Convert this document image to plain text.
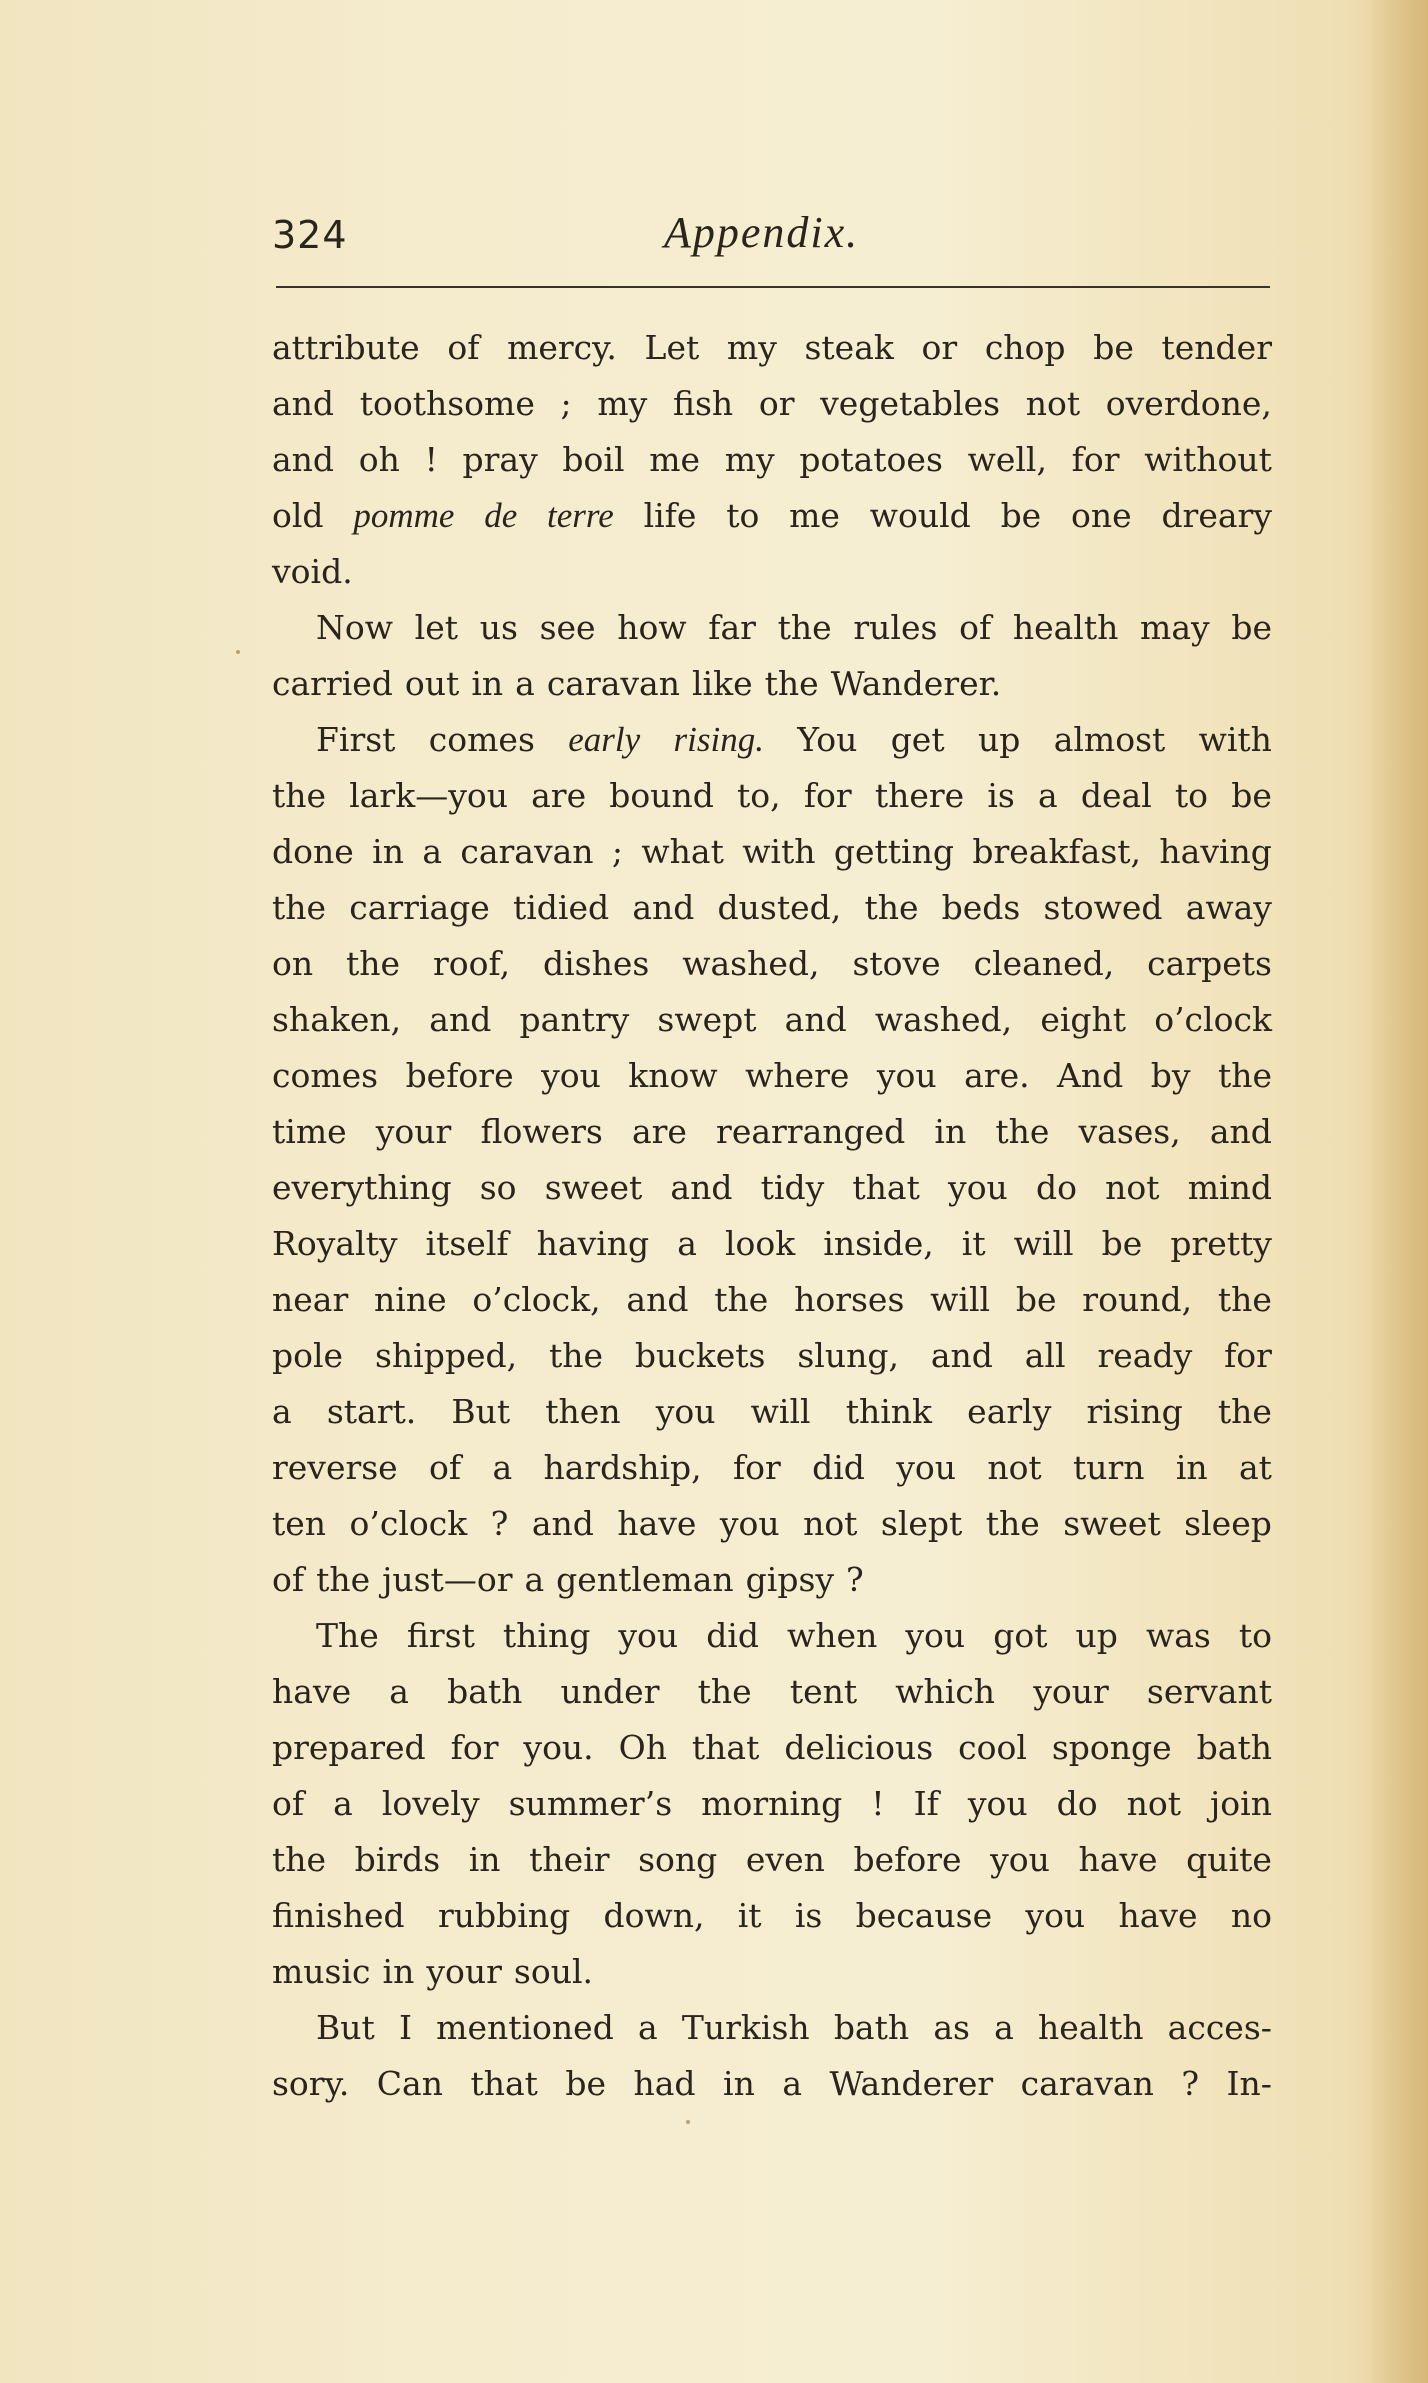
324	Appendix.
attribute of mercy. Let my steak or chop be tender
and toothsome ; my fish or vegetables not overdone,
and oh ! pray boil me my potatoes well, for without
old pomme de terre life to me would be one dreary
void.
Now let us see how far the rules of health may be
carried out in a caravan like the Wanderer.
First comes early rising. You get up almost with
the lark—you are bound to, for there is a deal to be
done in a caravan ; what with getting breakfast, having
the carriage tidied and dusted, the beds stowed away
on the roof, dishes washed, stove cleaned, carpets
shaken, and pantry swept and washed, eight o’clock
comes before you know where you are. And by the
time your flowers are rearranged in the vases, and
everything so sweet and tidy that you do not mind
Royalty itself having a look inside, it will be pretty
near nine o’clock, and the horses will be round, the
pole shipped, the buckets slung, and all ready for
a start. But then you will think early rising the
reverse of a hardship, for did you not turn in at
ten o’clock ? and have you not slept the sweet sleep
of the just—or a gentleman gipsy ?
The first thing you did when you got up was to
have a bath under the tent which your servant
prepared for you. Oh that delicious cool sponge bath
of a lovely summer’s morning ! If you do not join
the birds in their song even before you have quite
finished rubbing down, it is because you have no
music in your soul.
But I mentioned a Turkish bath as a health acces-
sory. Can that be had in a Wanderer caravan ? In-
